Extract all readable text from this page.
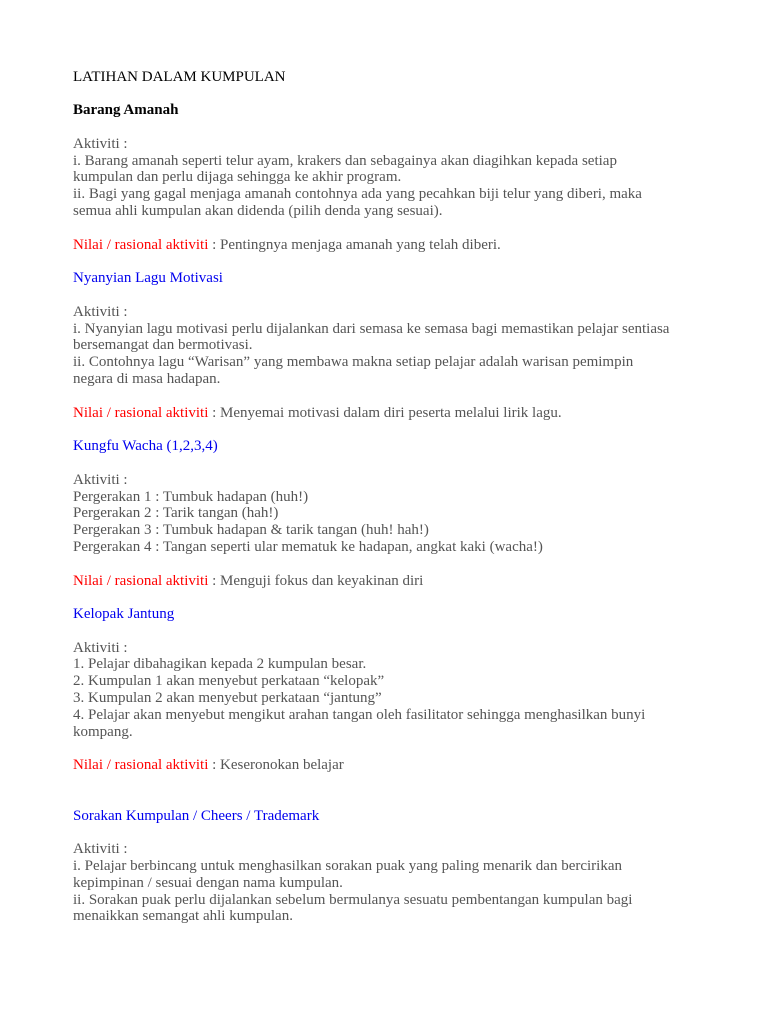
LATIHAN DALAM KUMPULAN
Barang Amanah
Aktiviti :
i. Barang amanah seperti telur ayam, krakers dan sebagainya akan diagihkan kepada setiap
kumpulan dan perlu dijaga sehingga ke akhir program.
ii. Bagi yang gagal menjaga amanah contohnya ada yang pecahkan biji telur yang diberi, maka
semua ahli kumpulan akan didenda (pilih denda yang sesuai).
Nilai / rasional aktiviti : Pentingnya menjaga amanah yang telah diberi.
Nyanyian Lagu Motivasi
Aktiviti :
i. Nyanyian lagu motivasi perlu dijalankan dari semasa ke semasa bagi memastikan pelajar sentiasa
bersemangat dan bermotivasi.
ii. Contohnya lagu “Warisan” yang membawa makna setiap pelajar adalah warisan pemimpin
negara di masa hadapan.
Nilai / rasional aktiviti : Menyemai motivasi dalam diri peserta melalui lirik lagu.
Kungfu Wacha (1,2,3,4)
Aktiviti :
Pergerakan 1 : Tumbuk hadapan (huh!)
Pergerakan 2 : Tarik tangan (hah!)
Pergerakan 3 : Tumbuk hadapan & tarik tangan (huh! hah!)
Pergerakan 4 : Tangan seperti ular mematuk ke hadapan, angkat kaki (wacha!)
Nilai / rasional aktiviti : Menguji fokus dan keyakinan diri
Kelopak Jantung
Aktiviti :
1. Pelajar dibahagikan kepada 2 kumpulan besar.
2. Kumpulan 1 akan menyebut perkataan “kelopak”
3. Kumpulan 2 akan menyebut perkataan “jantung”
4. Pelajar akan menyebut mengikut arahan tangan oleh fasilitator sehingga menghasilkan bunyi
kompang.
Nilai / rasional aktiviti : Keseronokan belajar
Sorakan Kumpulan / Cheers / Trademark
Aktiviti :
i. Pelajar berbincang untuk menghasilkan sorakan puak yang paling menarik dan bercirikan
kepimpinan / sesuai dengan nama kumpulan.
ii. Sorakan puak perlu dijalankan sebelum bermulanya sesuatu pembentangan kumpulan bagi
menaikkan semangat ahli kumpulan.
